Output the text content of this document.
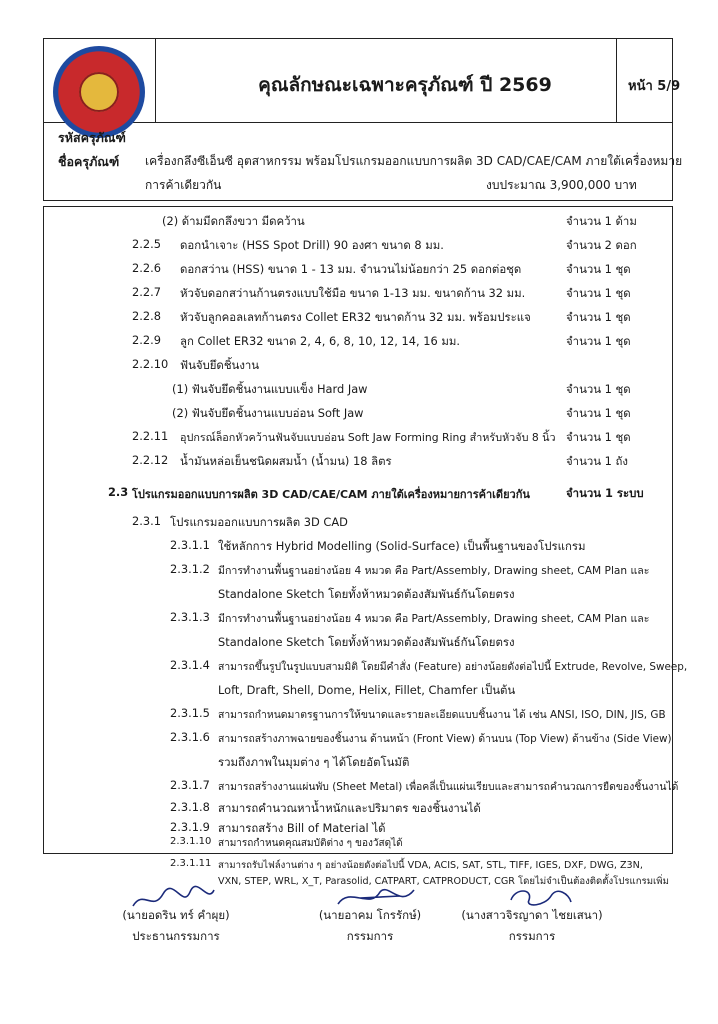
คุณลักษณะเฉพาะครุภัณฑ์ ปี 2569	หน้า 5/9
รหัสครุภัณฑ์
ชื่อครุภัณฑ์ เครื่องกลึงซีเอ็นซี อุตสาหกรรม พร้อมโปรแกรมออกแบบการผลิต 3D CAD/CAE/CAM ภายใต้เครื่องหมาย
การค้าเดียวกัน	งบประมาณ 3,900,000 บาท
(2) ด้ามมีดกลึงขวา มีดคว้าน	จำนวน 1 ด้าม
2.2.5 ดอกนำเจาะ (HSS Spot Drill) 90 องศา ขนาด 8 มม.	จำนวน 2 ดอก
2.2.6 ดอกสว่าน (HSS) ขนาด 1 - 13 มม. จำนวนไม่น้อยกว่า 25 ดอกต่อชุด	จำนวน 1 ชุด
2.2.7 หัวจับดอกสว่านก้านตรงแบบใช้มือ ขนาด 1-13 มม. ขนาดก้าน 32 มม.	จำนวน 1 ชุด
2.2.8 หัวจับลูกคอลเลทก้านตรง Collet ER32 ขนาดก้าน 32 มม. พร้อมประแจ	จำนวน 1 ชุด
2.2.9 ลูก Collet ER32 ขนาด 2, 4, 6, 8, 10, 12, 14, 16 มม.	จำนวน 1 ชุด
2.2.10 ฟันจับยึดชิ้นงาน
(1) ฟันจับยึดชิ้นงานแบบแข็ง Hard Jaw	จำนวน 1 ชุด
(2) ฟันจับยึดชิ้นงานแบบอ่อน Soft Jaw	จำนวน 1 ชุด
2.2.11 อุปกรณ์ล็อกหัวคว้านฟันจับแบบอ่อน Soft Jaw Forming Ring สำหรับหัวจับ 8 นิ้ว จำนวน 1 ชุด
2.2.12 น้ำมันหล่อเย็นชนิดผสมน้ำ (น้ำมน) 18 ลิตร	จำนวน 1 ถัง
2.3 โปรแกรมออกแบบการผลิต 3D CAD/CAE/CAM ภายใต้เครื่องหมายการค้าเดียวกัน	จำนวน 1 ระบบ
2.3.1 โปรแกรมออกแบบการผลิต 3D CAD
2.3.1.1 ใช้หลักการ Hybrid Modelling (Solid-Surface) เป็นพื้นฐานของโปรแกรม
2.3.1.2 มีการทำงานพื้นฐานอย่างน้อย 4 หมวด คือ Part/Assembly, Drawing sheet, CAM Plan และ
Standalone Sketch โดยทั้งห้าหมวดต้องสัมพันธ์กันโดยตรง
2.3.1.3 มีการทำงานพื้นฐานอย่างน้อย 4 หมวด คือ Part/Assembly, Drawing sheet, CAM Plan และ
Standalone Sketch โดยทั้งห้าหมวดต้องสัมพันธ์กันโดยตรง
2.3.1.4 สามารถขึ้นรูปในรูปแบบสามมิติ โดยมีคำสั่ง (Feature) อย่างน้อยดังต่อไปนี้ Extrude, Revolve, Sweep,
Loft, Draft, Shell, Dome, Helix, Fillet, Chamfer เป็นต้น
2.3.1.5 สามารถกำหนดมาตรฐานการให้ขนาดและรายละเอียดแบบชิ้นงาน ได้ เช่น ANSI, ISO, DIN, JIS, GB
2.3.1.6 สามารถสร้างภาพฉายของชิ้นงาน ด้านหน้า (Front View) ด้านบน (Top View) ด้านข้าง (Side View)
รวมถึงภาพในมุมต่าง ๆ ได้โดยอัตโนมัติ
2.3.1.7 สามารถสร้างงานแผ่นพับ (Sheet Metal) เพื่อคลี่เป็นแผ่นเรียบและสามารถคำนวณการยืดของชิ้นงานได้
2.3.1.8 สามารถคำนวณหาน้ำหนักและปริมาตร ของชิ้นงานได้
2.3.1.9 สามารถสร้าง Bill of Material ได้
2.3.1.10 สามารถกำหนดคุณสมบัติต่าง ๆ ของวัสดุได้
2.3.1.11 สามารถรับไฟล์งานต่าง ๆ อย่างน้อยดังต่อไปนี้ VDA, ACIS, SAT, STL, TIFF, IGES, DXF, DWG, Z3N,
VXN, STEP, WRL, X_T, Parasolid, CATPART, CATPRODUCT, CGR โดยไม่จำเป็นต้องติดตั้งโปรแกรมเพิ่ม
(นายอดริน ทร์ คำผุย)
ประธานกรรมการ
(นายอาคม โกรรักษ์)
กรรมการ
(นางสาวจิรญาดา ไชยเสนา)
กรรมการ
